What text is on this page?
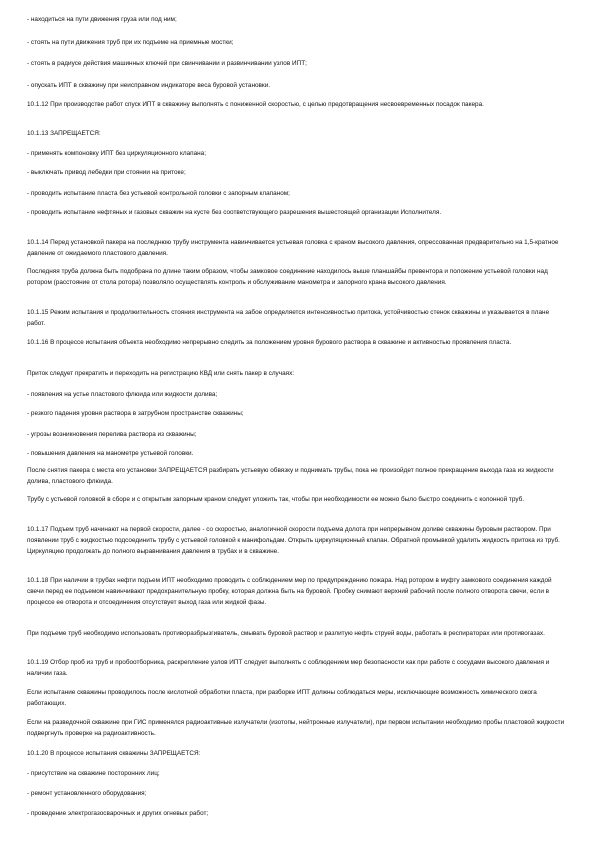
- находиться на пути движения груза или под ним;

- стоять на пути движения труб при их подъеме на приемные мостки;

- стоять в радиусе действия машинных ключей при свинчивании и развинчивании узлов ИПТ;

- опускать ИПТ в скважину при неисправном индикаторе веса буровой установки.

10.1.12 При производстве работ спуск ИПТ в скважину выполнять с пониженной скоростью, с целью предотвращения несвоевременных посадок пакера.

10.1.13 ЗАПРЕЩАЕТСЯ:

- применять компоновку ИПТ без циркуляционного клапана;

- выключать привод лебедки при стоянии на притоке;

- проводить испытание пласта без устьевой контрольной головки с запорным клапаном;

- проводить испытание нефтяных и газовых скважин на кусте без соответствующего разрешения вышестоящей организации Исполнителя.

10.1.14 Перед установкой пакера на последнюю трубу инструмента навинчивается устьевая головка с краном высокого давления, опрессованная предварительно на 1,5-кратное давление от ожидаемого пластового давления.

Последняя труба должна быть подобрана по длине таким образом, чтобы замковое соединение находилось выше планшайбы превентора и положение устьевой головки над ротором (расстояние от стола ротора) позволяло осуществлять контроль и обслуживание манометра и запорного крана высокого давления.

10.1.15 Режим испытания и продолжительность стояния инструмента на забое определяется интенсивностью притока, устойчивостью стенок скважины и указывается в плане работ.

10.1.16 В процессе испытания объекта необходимо непрерывно следить за положением уровня бурового раствора в скважине и активностью проявления пласта.

Приток следует прекратить и переходить на регистрацию КВД или снять пакер в случаях:

- появления на устье пластового флюида или жидкости долива;

- резкого падения уровня раствора в затрубном пространстве скважины;

- угрозы возникновения перелива раствора из скважины;

- повышения давления на манометре устьевой головки.

После снятия пакера с места его установки ЗАПРЕЩАЕТСЯ разбирать устьевую обвязку и поднимать трубы, пока не произойдет полное прекращение выхода газа из жидкости долива, пластового флюида.

Трубу с устьевой головкой в сборе и с открытым запорным краном следует уложить так, чтобы при необходимости ее можно было быстро соединить с колонной труб.

10.1.17 Подъем труб начинают на первой скорости, далее - со скоростью, аналогичной скорости подъема долота при непрерывном доливе скважины буровым раствором. При появлении труб с жидкостью подсоединить трубу с устьевой головкой к манифольдам. Открыть циркуляционный клапан. Обратной промывкой удалить жидкость притока из труб. Циркуляцию продолжать до полного выравнивания давления в трубах и в скважине.

10.1.18 При наличии в трубах нефти подъем ИПТ необходимо проводить с соблюдением мер по предупреждению пожара. Над ротором в муфту замкового соединения каждой свечи перед ее подъемом навинчивают предохранительную пробку, которая должна быть на буровой. Пробку снимают верхний рабочий после полного отворота свечи, если в процессе ее отворота и отсоединения отсутствует выход газа или жидкой фазы.

При подъеме труб необходимо использовать противоразбрызгиватель, смывать буровой раствор и разлитую нефть струей воды, работать в респираторах или противогазах.

10.1.19 Отбор проб из труб и пробоотборника, раскрепление узлов ИПТ следует выполнять с соблюдением мер безопасности как при работе с сосудами высокого давления и наличии газа.

Если испытание скважины проводилось после кислотной обработки пласта, при разборке ИПТ должны соблюдаться меры, исключающие возможность химического ожога работающих.

Если на разведочной скважине при ГИС применялся радиоактивные излучатели (изотопы, нейтронные излучатели), при первом испытании необходимо пробы пластовой жидкости подвергнуть проверке на радиоактивность.

10.1.20 В процессе испытания скважины ЗАПРЕЩАЕТСЯ:

- присутствие на скважине посторонних лиц;

- ремонт установленного оборудования;

- проведение электрогазосварочных и других огневых работ;
